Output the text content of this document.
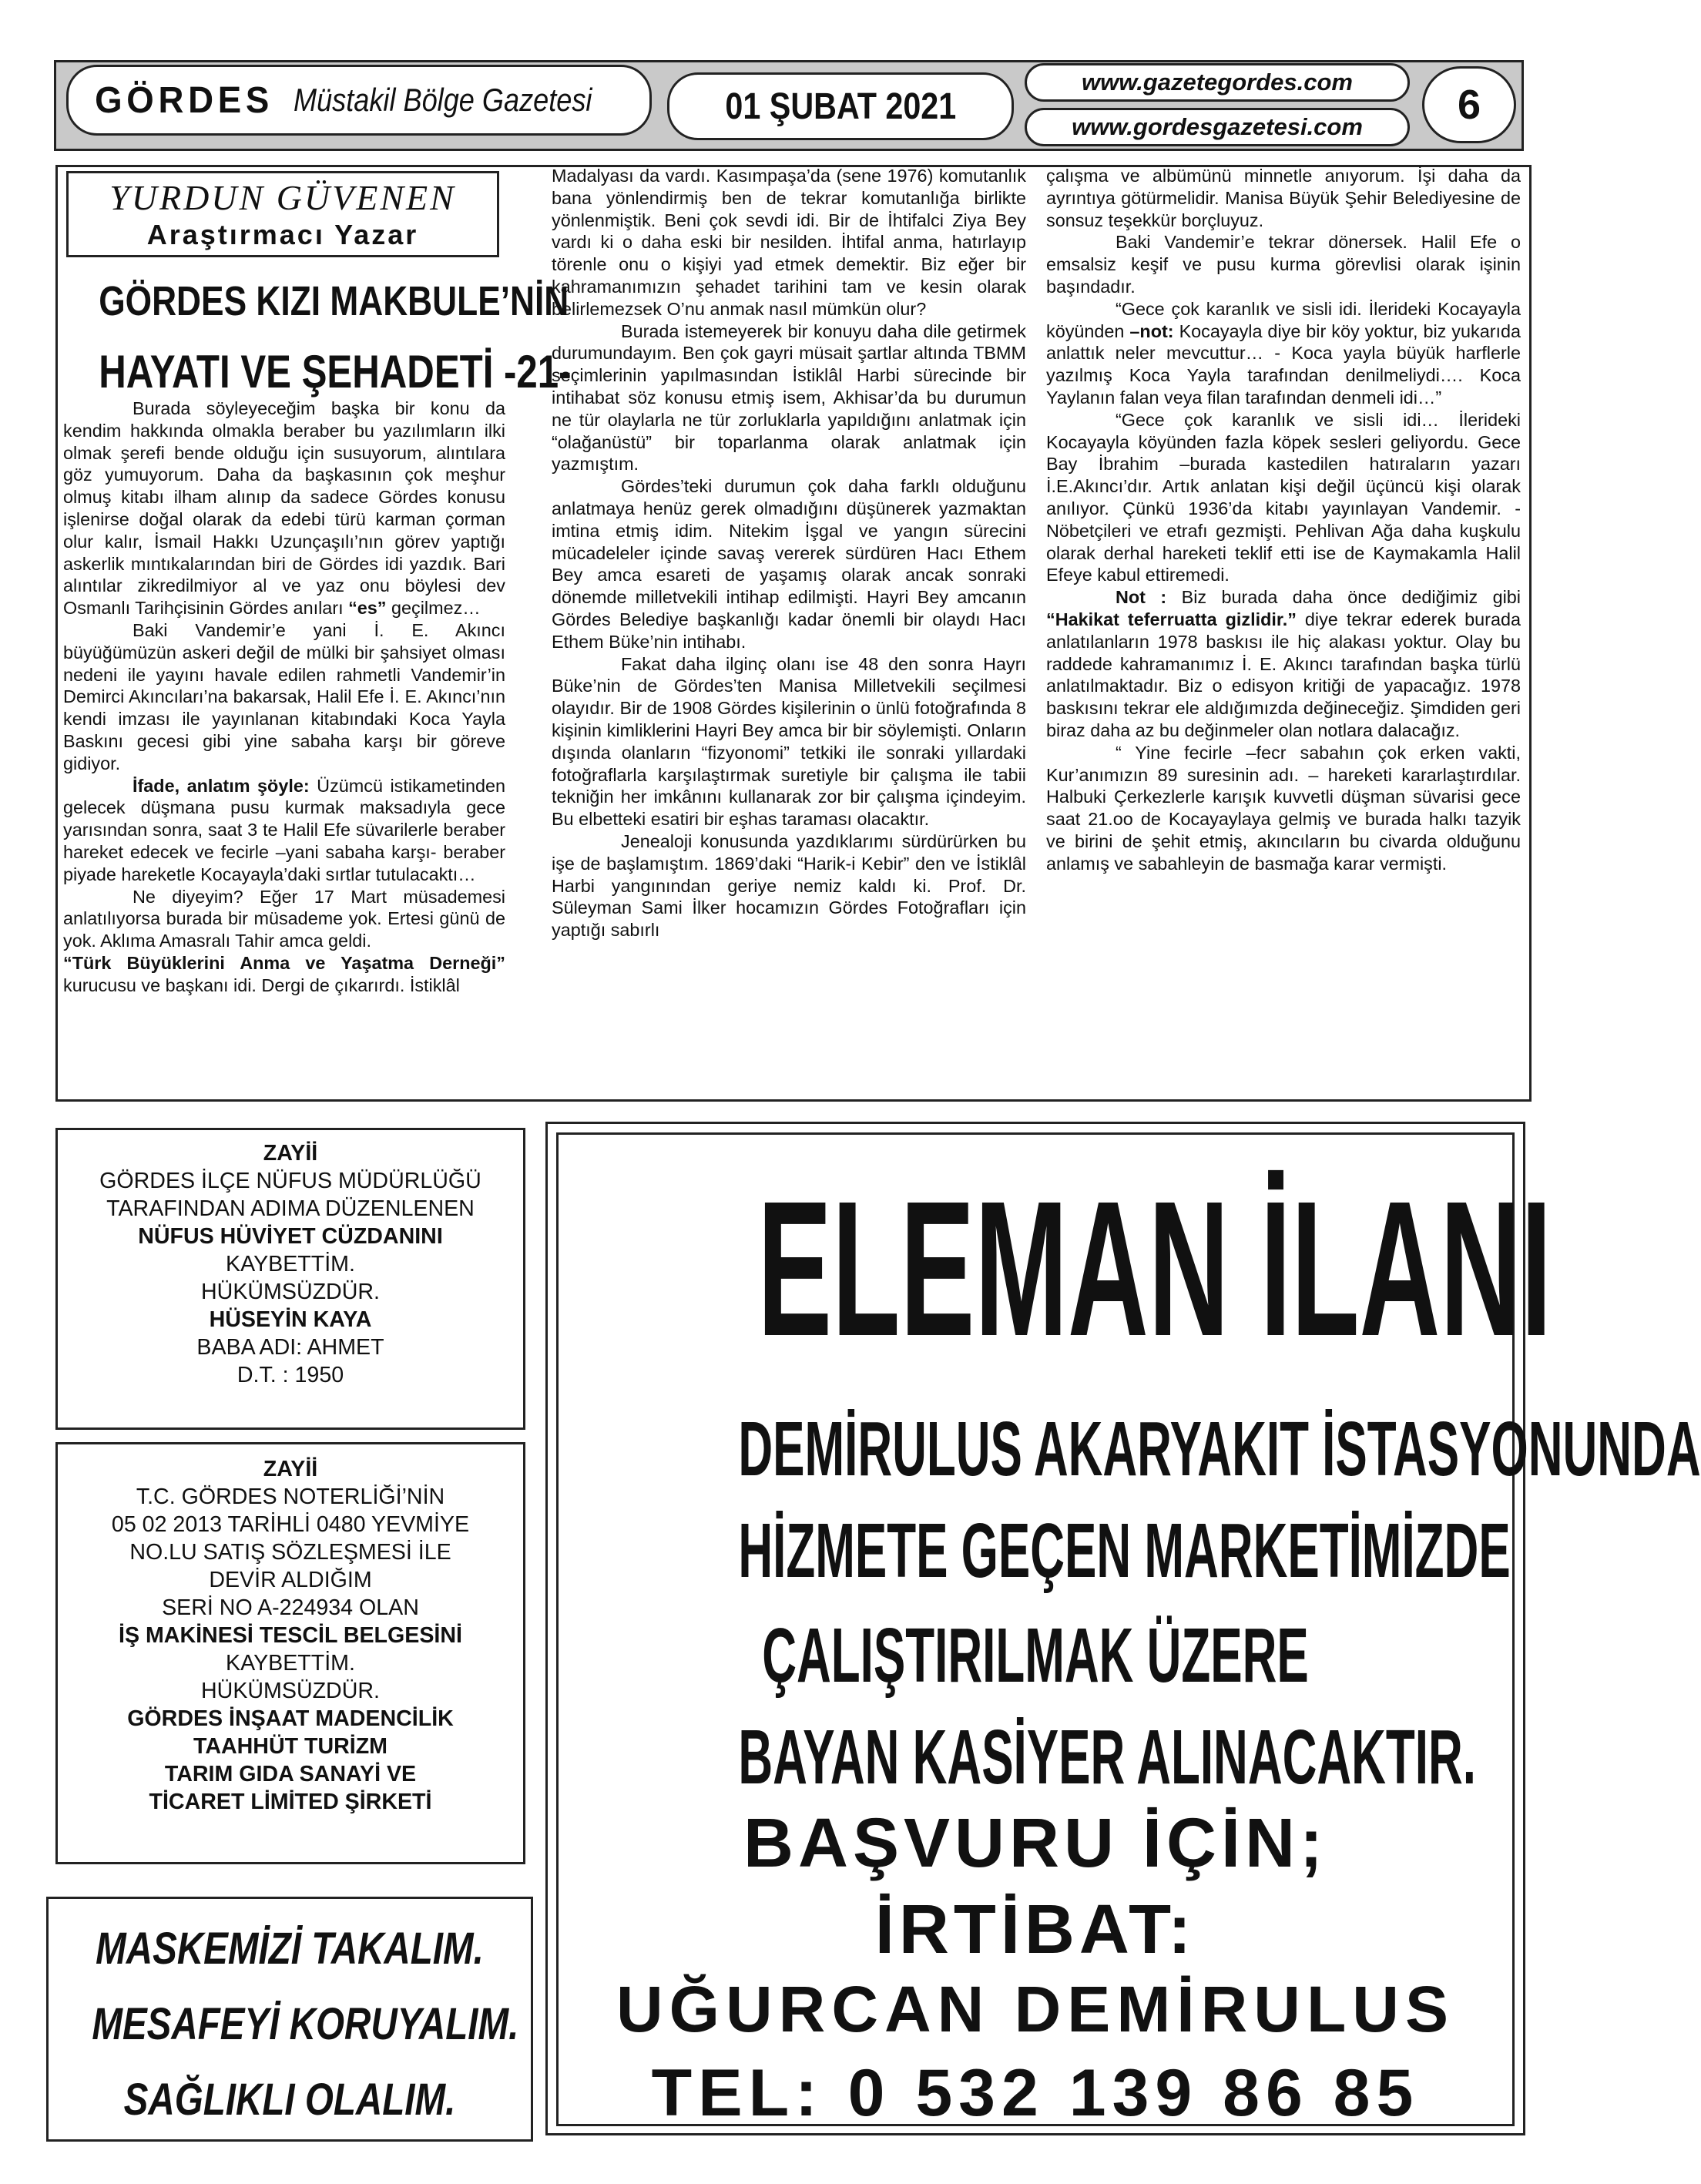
GÖRDES Müstakil Bölge Gazetesi	01 ŞUBAT 2021
www.gazetegordes.com
www.gordesgazetesi.com 6
YURDUN GÜVENEN
Araştırmacı Yazar
GÖRDES KIZI MAKBULE’NİN
HAYATI VE ŞEHADETİ -21-

Burada söyleyeceğim başka bir konu da kendim hakkında olmakla beraber bu yazılımların ilki olmak şerefi bende olduğu için susuyorum, alıntılara göz yumuyorum. Daha da başkasının çok meşhur olmuş kitabı ilham alınıp da sadece Gördes konusu işlenirse doğal olarak da edebi türü karman çorman olur kalır, İsmail Hakkı Uzunçaşılı’nın görev yaptığı askerlik mıntıkalarından biri de Gördes idi yazdık. Bari alıntılar zikredilmiyor al ve yaz onu böylesi dev Osmanlı Tarihçisinin Gördes anıları “es” geçilmez…

Baki Vandemir’e yani İ. E. Akıncı büyüğümüzün askeri değil de mülki bir şahsiyet olması nedeni ile yayını havale edilen rahmetli Vandemir’in Demirci Akıncıları’na bakarsak, Halil Efe İ. E. Akıncı’nın kendi imzası ile yayınlanan kitabındaki Koca Yayla Baskını gecesi gibi yine sabaha karşı bir göreve gidiyor.

İfade, anlatım şöyle: Üzümcü istikametinden gelecek düşmana pusu kurmak maksadıyla gece yarısından sonra, saat 3 te Halil Efe süvarilerle beraber hareket edecek ve fecirle –yani sabaha karşı- beraber piyade hareketle Kocayayla’daki sırtlar tutulacaktı…

Ne diyeyim? Eğer 17 Mart müsademesi anlatılıyorsa burada bir müsademe yok. Ertesi günü de yok. Aklıma Amasralı Tahir amca geldi.
“Türk Büyüklerini Anma ve Yaşatma Derneği” kurucusu ve başkanı idi. Dergi de çıkarırdı. İstiklâl

Madalyası da vardı. Kasımpaşa’da (sene 1976) komutanlık bana yönlendirmiş ben de tekrar komutanlığa birlikte yönlenmiştik. Beni çok sevdi idi. Bir de İhtifalci Ziya Bey vardı ki o daha eski bir nesilden. İhtifal anma, hatırlayıp törenle onu o kişiyi yad etmek demektir. Biz eğer bir kahramanımızın şehadet tarihini tam ve kesin olarak belirlemezsek O’nu anmak nasıl mümkün olur?

Burada istemeyerek bir konuyu daha dile getirmek durumundayım. Ben çok gayri müsait şartlar altında TBMM seçimlerinin yapılmasından İstiklâl Harbi sürecinde bir intihabat söz konusu etmiş isem, Akhisar’da bu durumun ne tür olaylarla ne tür zorluklarla yapıldığını anlatmak için “olağanüstü” bir toparlanma olarak anlatmak için yazmıştım.

Gördes’teki durumun çok daha farklı olduğunu anlatmaya henüz gerek olmadığını düşünerek yazmaktan imtina etmiş idim. Nitekim İşgal ve yangın sürecini mücadeleler içinde savaş vererek sürdüren Hacı Ethem Bey amca esareti de yaşamış olarak ancak sonraki dönemde milletvekili intihap edilmişti. Hayri Bey amcanın Gördes Belediye başkanlığı kadar önemli bir olaydı Hacı Ethem Büke’nin intihabı.

Fakat daha ilginç olanı ise 48 den sonra Hayrı Büke’nin de Gördes’ten Manisa Milletvekili seçilmesi olayıdır. Bir de 1908 Gördes kişilerinin o ünlü fotoğrafında 8 kişinin kimliklerini Hayri Bey amca bir bir söylemişti. Onların dışında olanların “fizyonomi” tetkiki ile sonraki yıllardaki fotoğraflarla karşılaştırmak suretiyle bir çalışma ile tabii tekniğin her imkânını kullanarak zor bir çalışma içindeyim. Bu elbetteki esatiri bir eşhas taraması olacaktır.

Jenealoji konusunda yazdıklarımı sürdürürken bu işe de başlamıştım. 1869’daki “Harik-i Kebir” den ve İstiklâl Harbi yangınından geriye nemiz kaldı ki. Prof. Dr. Süleyman Sami İlker hocamızın Gördes Fotoğrafları için yaptığı sabırlı

çalışma ve albümünü minnetle anıyorum. İşi daha da ayrıntıya götürmelidir. Manisa Büyük Şehir Belediyesine de sonsuz teşekkür borçluyuz.

Baki Vandemir’e tekrar dönersek. Halil Efe o emsalsiz keşif ve pusu kurma görevlisi olarak işinin başındadır.

“Gece çok karanlık ve sisli idi. İlerideki Kocayayla köyünden –not: Kocayayla diye bir köy yoktur, biz yukarıda anlattık neler mevcuttur… - Koca yayla büyük harflerle yazılmış Koca Yayla tarafından denilmeliydi…. Koca Yaylanın falan veya filan tarafından denmeli idi…”

“Gece çok karanlık ve sisli idi… İlerideki Kocayayla köyünden fazla köpek sesleri geliyordu. Gece Bay İbrahim –burada kastedilen hatıraların yazarı İ.E.Akıncı’dır. Artık anlatan kişi değil üçüncü kişi olarak anılıyor. Çünkü 1936’da kitabı yayınlayan Vandemir. - Nöbetçileri ve etrafı gezmişti. Pehlivan Ağa daha kuşkulu olarak derhal hareketi teklif etti ise de Kaymakamla Halil Efeye kabul ettiremedi.

Not : Biz burada daha önce dediğimiz gibi “Hakikat teferruatta gizlidir.” diye tekrar ederek burada anlatılanların 1978 baskısı ile hiç alakası yoktur. Olay bu raddede kahramanımız İ. E. Akıncı tarafından başka türlü anlatılmaktadır. Biz o edisyon kritiği de yapacağız. 1978 baskısını tekrar ele aldığımızda değineceğiz. Şimdiden geri biraz daha az bu değinmeler olan notlara dalacağız.

“ Yine fecirle –fecr sabahın çok erken vakti, Kur’anımızın 89 suresinin adı. – hareketi kararlaştırdılar. Halbuki Çerkezlerle karışık kuvvetli düşman süvarisi gece saat 21.oo de Kocayaylaya gelmiş ve burada halkı tazyik ve birini de şehit etmiş, akıncıların bu civarda olduğunu anlamış ve sabahleyin de basmağa karar vermişti.

ZAYİİ
GÖRDES İLÇE NÜFUS MÜDÜRLÜĞÜ
TARAFINDAN ADIMA DÜZENLENEN
NÜFUS HÜVİYET CÜZDANINI
KAYBETTİM.
HÜKÜMSÜZDÜR.
HÜSEYİN KAYA
BABA ADI: AHMET
D.T. : 1950
ZAYİİ
T.C. GÖRDES NOTERLİĞİ’NİN
05 02 2013 TARİHLİ 0480 YEVMİYE
NO.LU SATIŞ SÖZLEŞMESİ İLE
DEVİR ALDIĞIM
SERİ NO A-224934 OLAN
İŞ MAKİNESİ TESCİL BELGESİNİ
KAYBETTİM.
HÜKÜMSÜZDÜR.
GÖRDES İNŞAAT MADENCİLİK
TAAHHÜT TURİZM
TARIM GIDA SANAYİ VE
TİCARET LİMİTED ŞİRKETİ
MASKEMİZİ TAKALIM.
MESAFEYİ KORUYALIM.
SAĞLIKLI OLALIM.
ELEMAN İLANI
DEMİRULUS AKARYAKIT İSTASYONUNDA
HİZMETE GEÇEN MARKETİMİZDE
ÇALIŞTIRILMAK ÜZERE
BAYAN KASİYER ALINACAKTIR.
BAŞVURU İÇİN;
İRTİBAT:
UĞURCAN DEMİRULUS
TEL: 0 532 139 86 85
